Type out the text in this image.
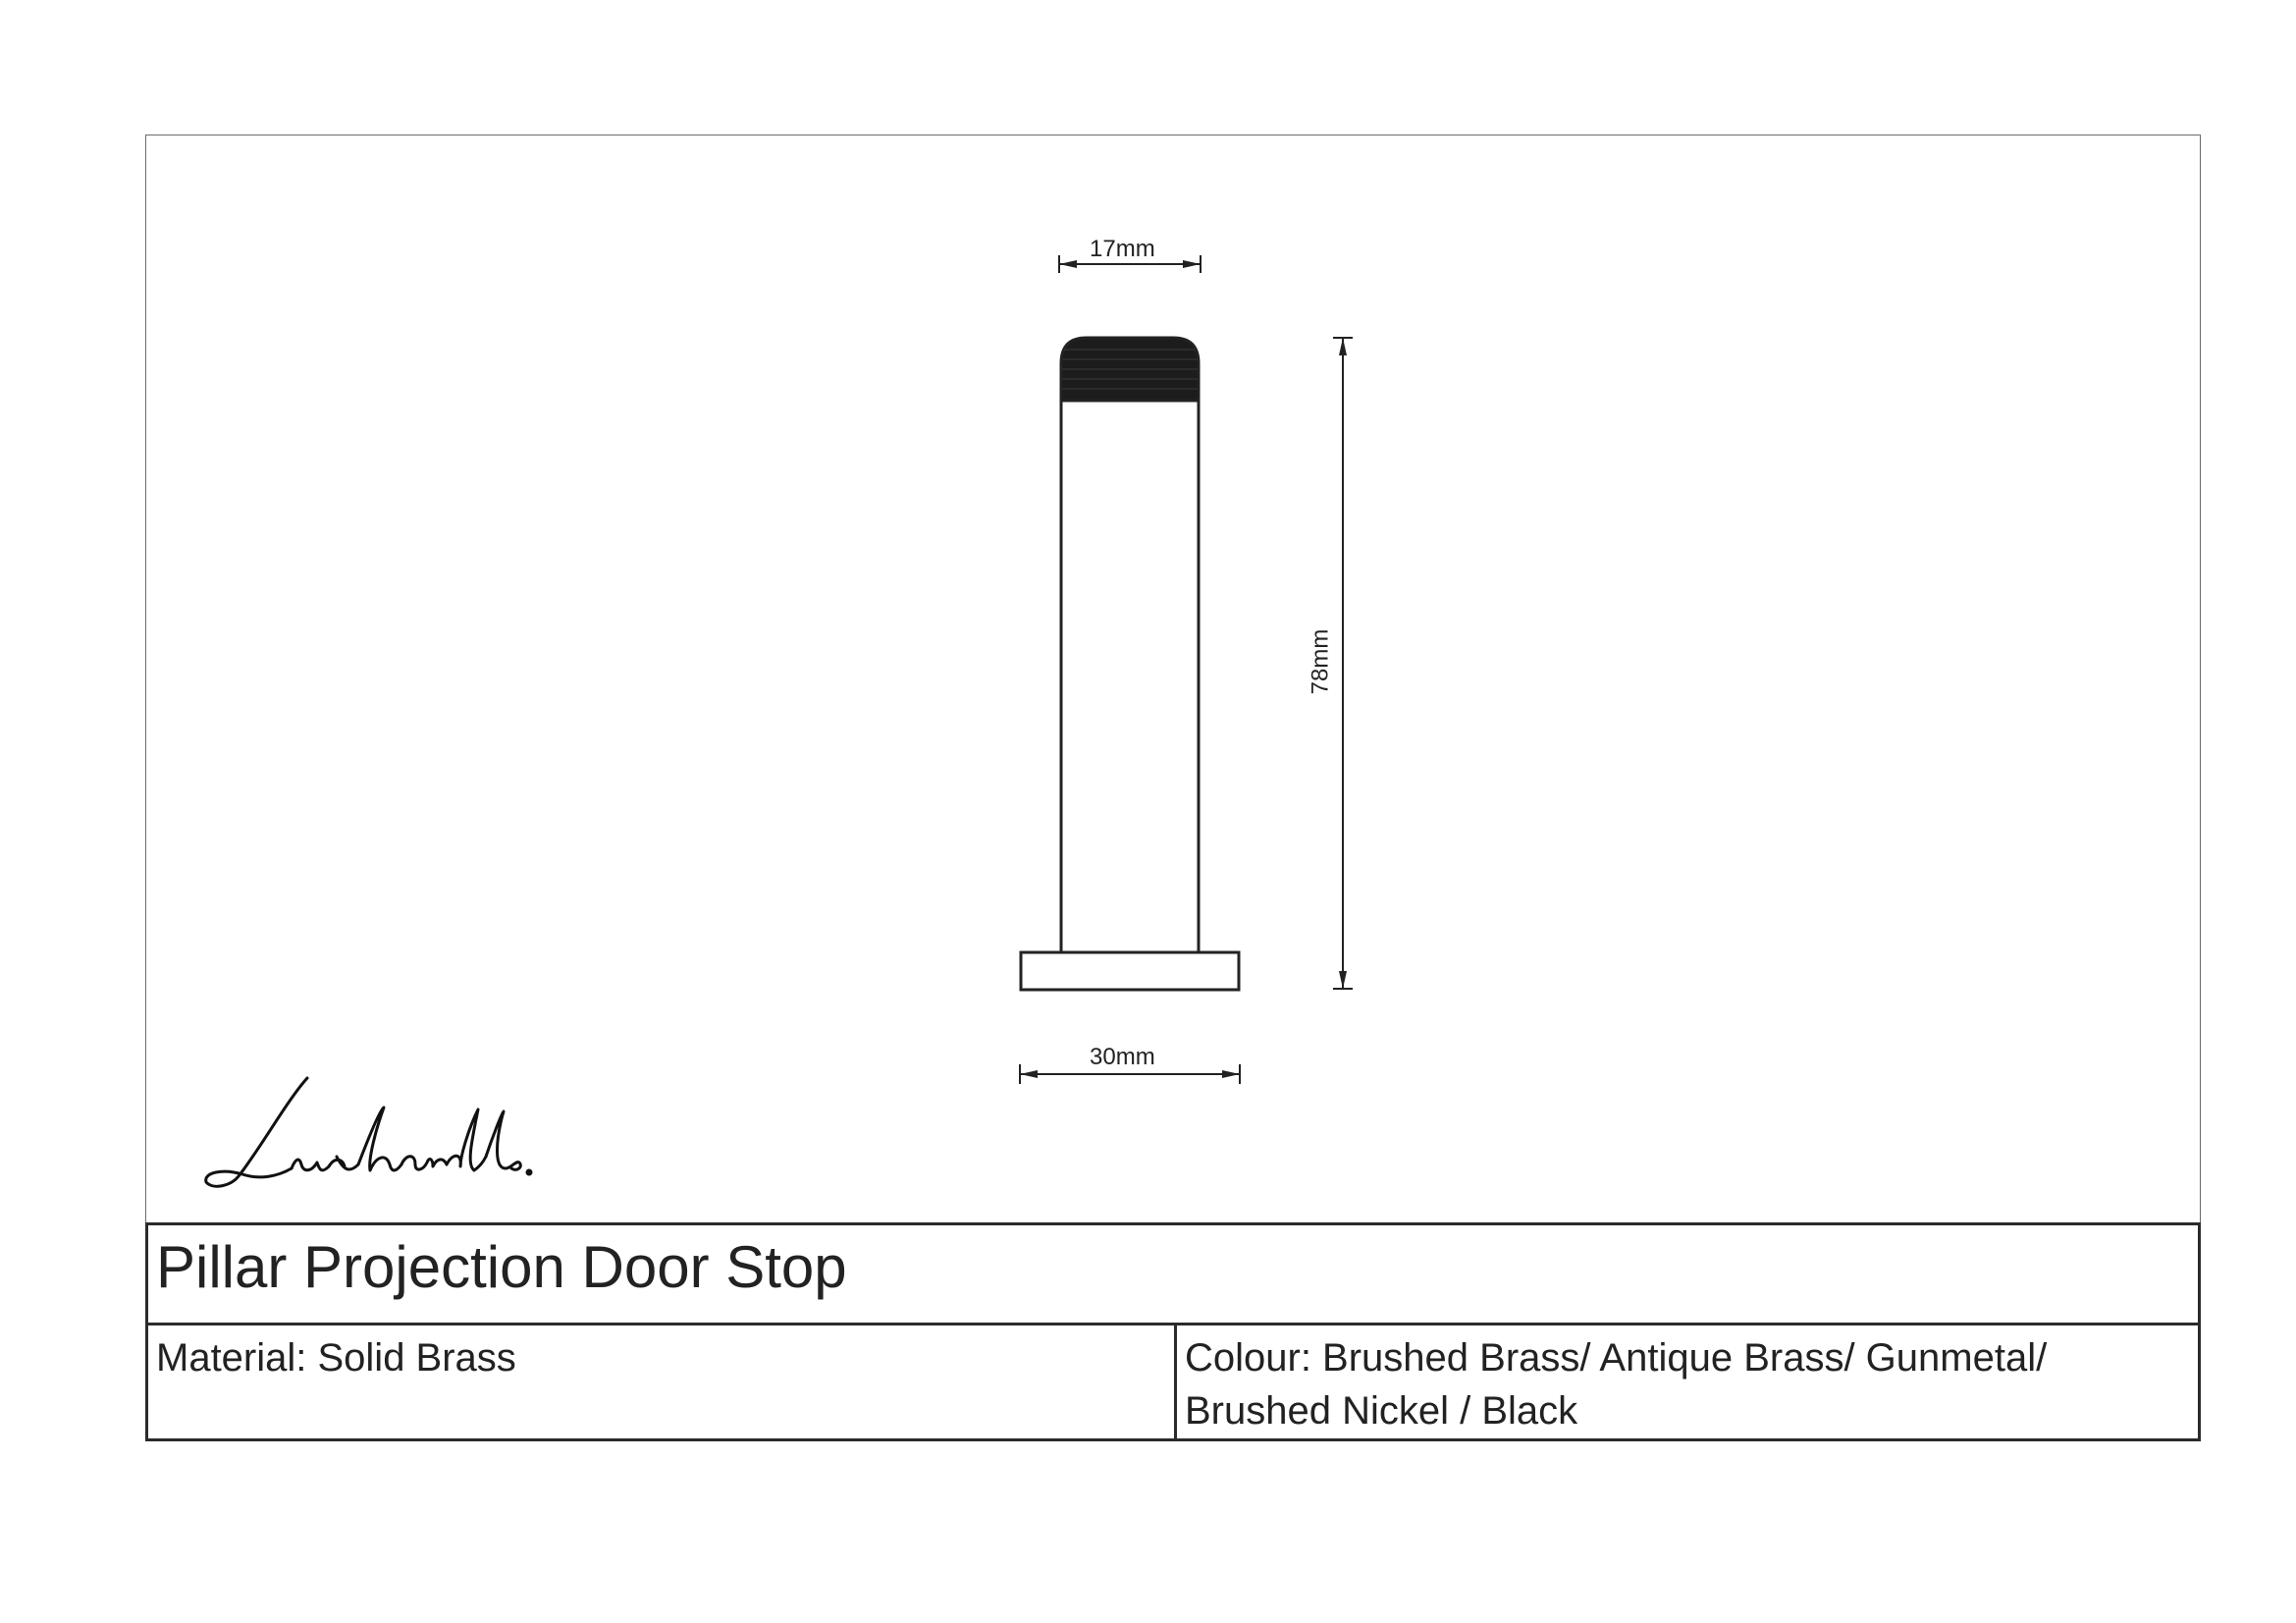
17mm
78mm
30mm
Pillar Projection Door Stop
Material: Solid Brass	Colour: Brushed Brass/ Antique Brass/ Gunmetal/
Brushed Nickel / Black
